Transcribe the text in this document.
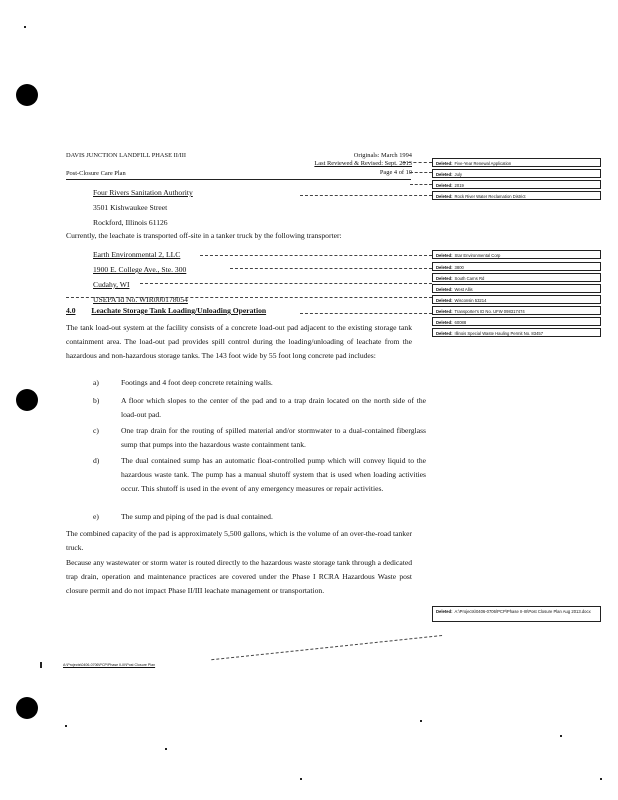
DAVIS JUNCTION LANDFILL PHASE II/III
Post-Closure Care Plan
Originals: March 1994
Last Reviewed & Revised: Sept. 2013
Page 4 of 10
Four Rivers Sanitation Authority
3501 Kishwaukee Street
Rockford, Illinois 61126
Currently, the leachate is transported off-site in a tanker truck by the following transporter:
Earth Environmental 2, LLC
1900 E. College Ave., Ste. 300
Cudahy, WI
USEPA Id No. WIR000178054
4.0 Leachate Storage Tank Loading/Unloading Operation
The tank load-out system at the facility consists of a concrete load-out pad adjacent to the existing storage tank containment area. The load-out pad provides spill control during the loading/unloading of leachate from the hazardous and non-hazardous storage tanks. The 143 foot wide by 55 foot long concrete pad includes:
a)	Footings and 4 foot deep concrete retaining walls.
b)	A floor which slopes to the center of the pad and to a trap drain located on the north side of the load-out pad.
c)	One trap drain for the routing of spilled material and/or stormwater to a dual-contained fiberglass sump that pumps into the hazardous waste containment tank.
d)	The dual contained sump has an automatic float-controlled pump which will convey liquid to the hazardous waste tank. The pump has a manual shutoff system that is used when loading activities occur. This shutoff is used in the event of any emergency measures or repair activities.
e)	The sump and piping of the pad is dual contained.
The combined capacity of the pad is approximately 5,500 gallons, which is the volume of an over-the-road tanker truck.
Because any wastewater or storm water is routed directly to the hazardous waste storage tank through a dedicated trap drain, operation and maintenance practices are covered under the Phase I RCRA Hazardous Waste post closure permit and do not impact Phase II/III leachate management or transportation.
A:\Projects\0406-0706\PCP\Phase II-III\Post Closure Plan
Deleted: Five-Year Renewal Application
Deleted: July
Deleted: 2019
Deleted: Rock River Water Reclamation District
Deleted: Star Environmental Corp
Deleted: 3800
Deleted: South Carns Rd
Deleted: West Allis
Deleted: Wisconsin 53214
Deleted: Transporter's ID No. UFW 098317474
Deleted: 60088
Deleted: Illinois Special Waste Hauling Permit No. 83457
Deleted: A:\Projects\0406-0706\PCP\Phase II-III\Post Closure Plan Aug 2013.docx
